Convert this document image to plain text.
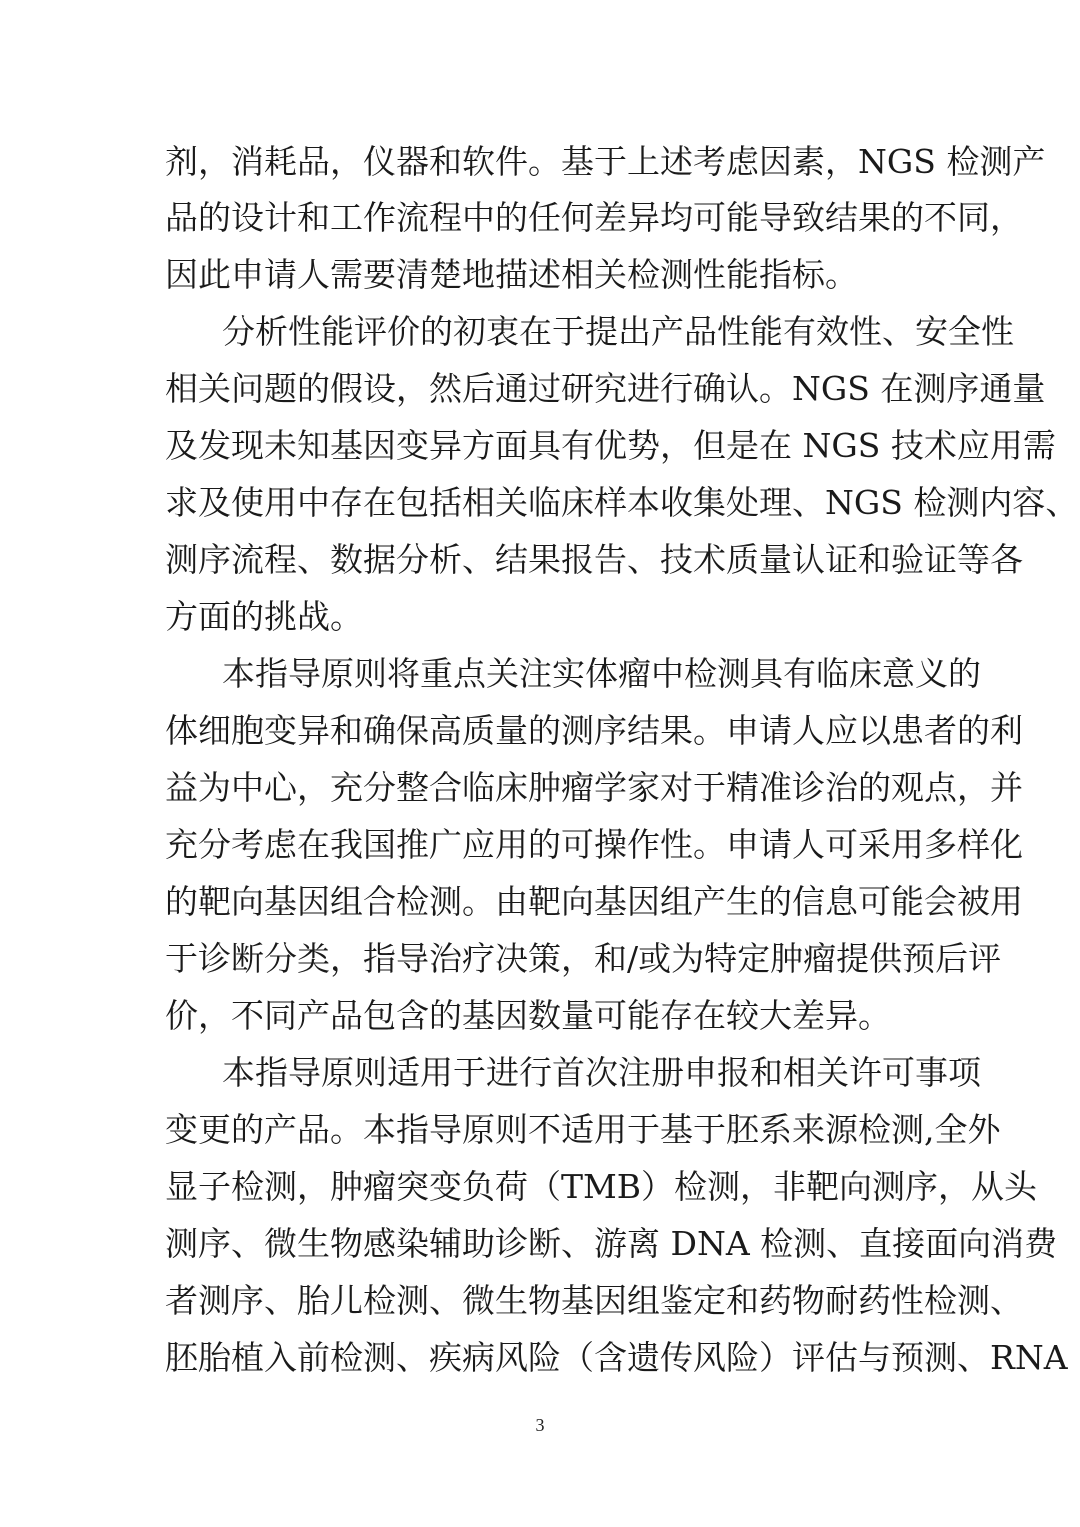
剂，消耗品，仪器和软件。基于上述考虑因素，NGS 检测产
品的设计和工作流程中的任何差异均可能导致结果的不同，
因此申请人需要清楚地描述相关检测性能指标。
分析性能评价的初衷在于提出产品性能有效性、安全性
相关问题的假设，然后通过研究进行确认。NGS 在测序通量
及发现未知基因变异方面具有优势，但是在 NGS 技术应用需
求及使用中存在包括相关临床样本收集处理、NGS 检测内容、
测序流程、数据分析、结果报告、技术质量认证和验证等各
方面的挑战。
本指导原则将重点关注实体瘤中检测具有临床意义的
体细胞变异和确保高质量的测序结果。申请人应以患者的利
益为中心，充分整合临床肿瘤学家对于精准诊治的观点，并
充分考虑在我国推广应用的可操作性。申请人可采用多样化
的靶向基因组合检测。由靶向基因组产生的信息可能会被用
于诊断分类，指导治疗决策，和/或为特定肿瘤提供预后评
价，不同产品包含的基因数量可能存在较大差异。
本指导原则适用于进行首次注册申报和相关许可事项
变更的产品。本指导原则不适用于基于胚系来源检测,全外
显子检测，肿瘤突变负荷（TMB）检测，非靶向测序，从头
测序、微生物感染辅助诊断、游离 DNA 检测、直接面向消费
者测序、胎儿检测、微生物基因组鉴定和药物耐药性检测、
胚胎植入前检测、疾病风险（含遗传风险）评估与预测、RNA
3
